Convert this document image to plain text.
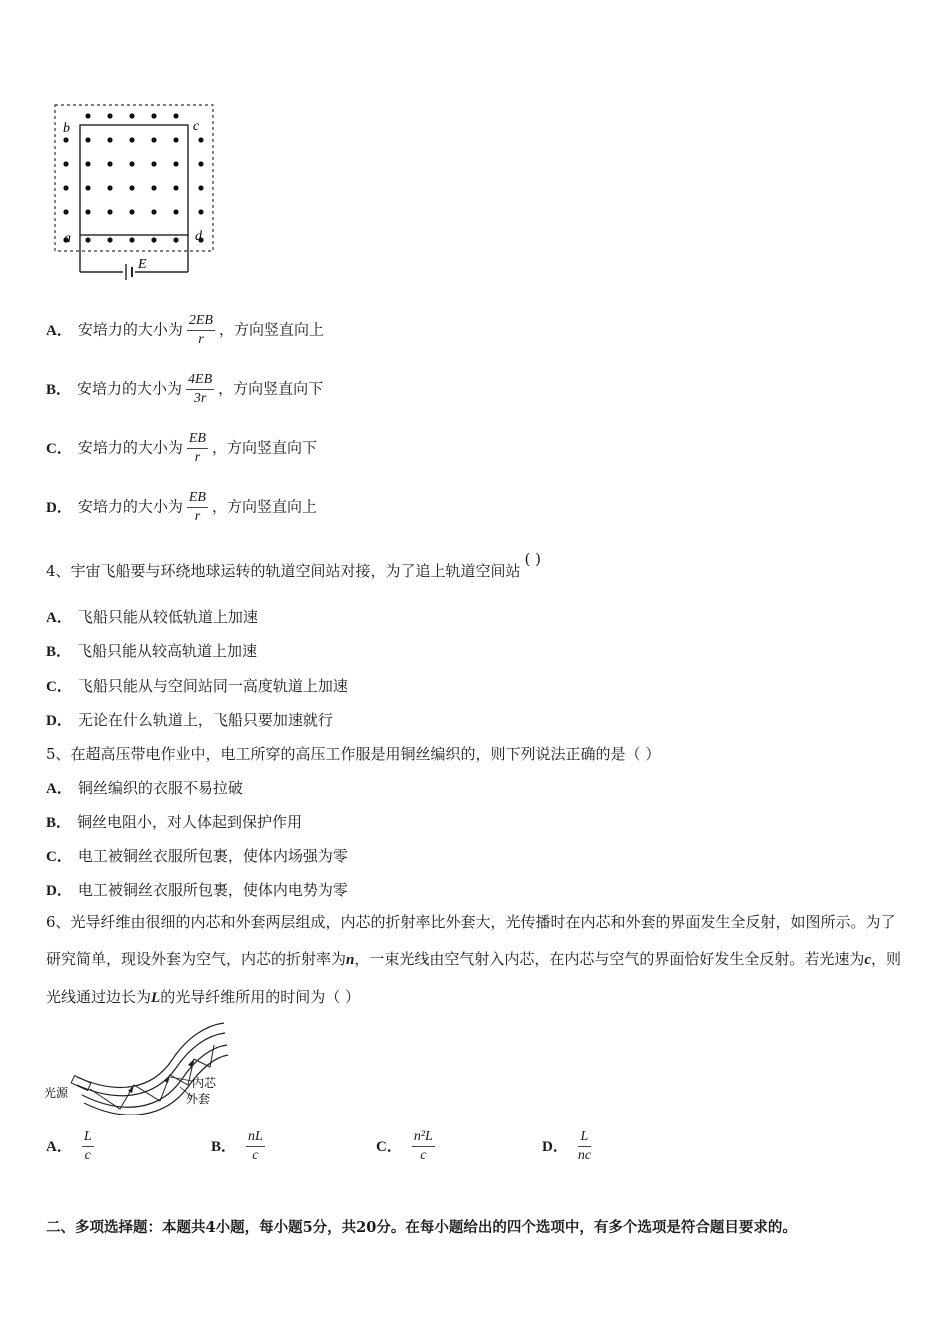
b	c
a	d
E
A． 安培力的大小为 $\frac{2EB}{r}$ ，方向竖直向上
B． 安培力的大小为 $\frac{4EB}{3r}$ ，方向竖直向下
C． 安培力的大小为 $\frac{EB}{r}$ ，方向竖直向下
D． 安培力的大小为 $\frac{EB}{r}$ ，方向竖直向上
4、宇宙飞船要与环绕地球运转的轨道空间站对接，为了追上轨道空间站( )
A． 飞船只能从较低轨道上加速
B． 飞船只能从较高轨道上加速
C． 飞船只能从与空间站同一高度轨道上加速
D． 无论在什么轨道上，飞船只要加速就行
5、在超高压带电作业中，电工所穿的高压工作服是用铜丝编织的，则下列说法正确的是（ ）
A． 铜丝编织的衣服不易拉破
B． 铜丝电阻小，对人体起到保护作用
C． 电工被铜丝衣服所包裹，使体内场强为零
D． 电工被铜丝衣服所包裹，使体内电势为零
6、光导纤维由很细的内芯和外套两层组成，内芯的折射率比外套大，光传播时在内芯和外套的界面发生全反射，如图所示。为了研究简单，现设外套为空气，内芯的折射率为n，一束光线由空气射入内芯，在内芯与空气的界面恰好发生全反射。若光速为c，则光线通过边长为L的光导纤维所用的时间为（ ）
光源
内芯
外套
A． $\frac{L}{c}$	B． $\frac{nL}{c}$	C． $\frac{\text{n²L}}{c}$	D． $\frac{L}{nc}$
二、多项选择题：本题共4小题，每小题5分，共20分。在每小题给出的四个选项中，有多个选项是符合题目要求的。
